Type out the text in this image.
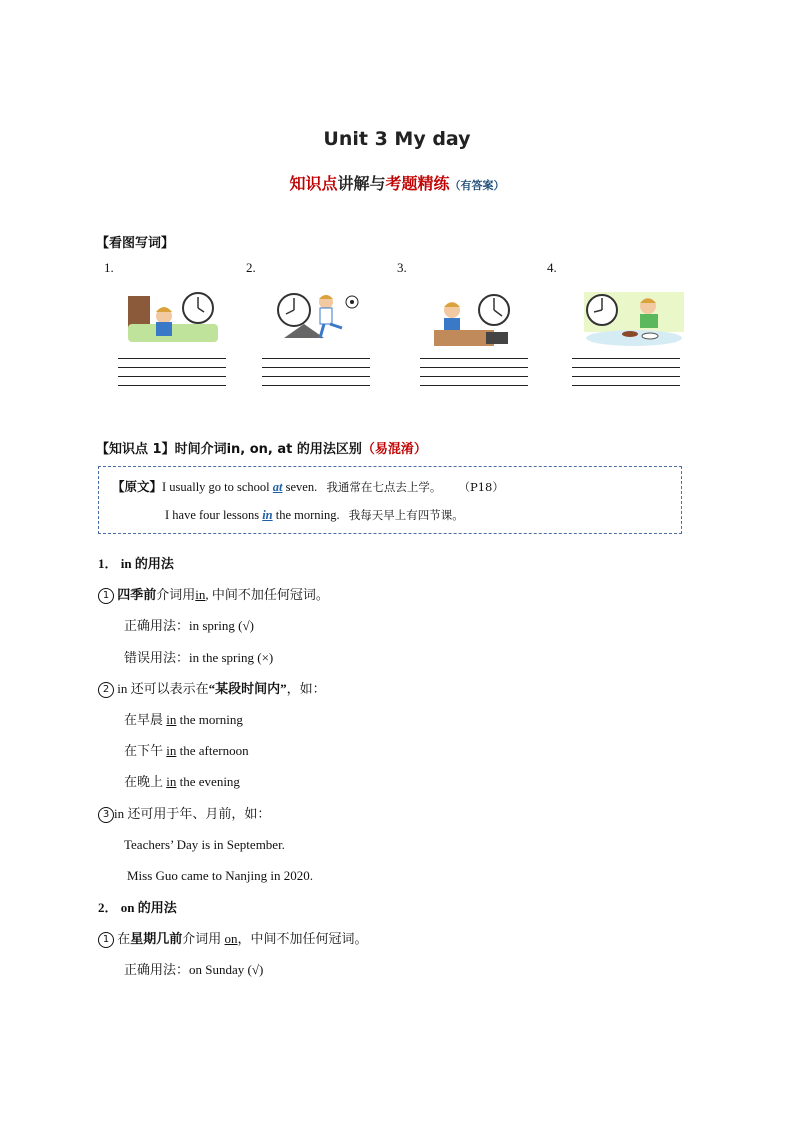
Unit 3 My day
知识点讲解与考题精练（有答案）
【看图写词】
1.	2.	3.	4.
【知识点 1】时间介词in, on, at 的用法区别（易混淆）
【原文】I usually go to school at seven. 我通常在七点去上学。 （P18）
I have four lessons in the morning. 我每天早上有四节课。
1． in 的用法
1 四季前介词用in, 中间不加任何冠词。
正确用法：in spring (√)
错误用法：in the spring (×)
2 in 还可以表示在“某段时间内”，如：
在早晨 in the morning
在下午 in the afternoon
在晚上 in the evening
3 in 还可用于年、月前，如：
Teachers’ Day is in September.
Miss Guo came to Nanjing in 2020.
2． on 的用法
1 在星期几前介词用 on，中间不加任何冠词。
正确用法：on Sunday (√)
